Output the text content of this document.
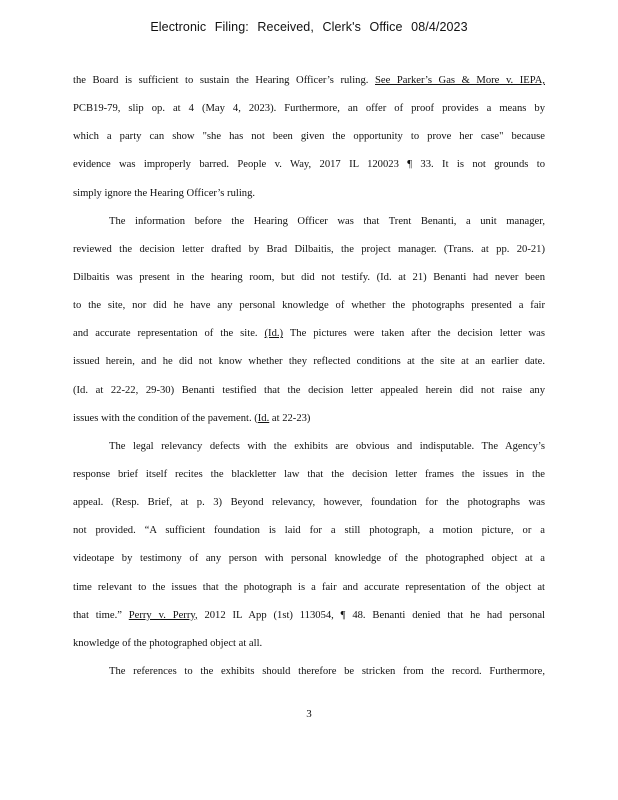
Electronic Filing: Received, Clerk's Office 08/4/2023
the Board is sufficient to sustain the Hearing Officer’s ruling. See Parker’s Gas & More v. IEPA,
PCB19-79, slip op. at 4 (May 4, 2023). Furthermore, an offer of proof provides a means by
which a party can show "she has not been given the opportunity to prove her case" because
evidence was improperly barred. People v. Way, 2017 IL 120023 ¶ 33. It is not grounds to
simply ignore the Hearing Officer’s ruling.
The information before the Hearing Officer was that Trent Benanti, a unit manager,
reviewed the decision letter drafted by Brad Dilbaitis, the project manager. (Trans. at pp. 20-21)
Dilbaitis was present in the hearing room, but did not testify. (Id. at 21) Benanti had never been
to the site, nor did he have any personal knowledge of whether the photographs presented a fair
and accurate representation of the site. (Id.) The pictures were taken after the decision letter was
issued herein, and he did not know whether they reflected conditions at the site at an earlier date.
(Id. at 22-22, 29-30) Benanti testified that the decision letter appealed herein did not raise any
issues with the condition of the pavement. (Id. at 22-23)
The legal relevancy defects with the exhibits are obvious and indisputable. The Agency’s
response brief itself recites the blackletter law that the decision letter frames the issues in the
appeal. (Resp. Brief, at p. 3) Beyond relevancy, however, foundation for the photographs was
not provided. “A sufficient foundation is laid for a still photograph, a motion picture, or a
videotape by testimony of any person with personal knowledge of the photographed object at a
time relevant to the issues that the photograph is a fair and accurate representation of the object at
that time.” Perry v. Perry, 2012 IL App (1st) 113054, ¶ 48. Benanti denied that he had personal
knowledge of the photographed object at all.
The references to the exhibits should therefore be stricken from the record. Furthermore,
3
